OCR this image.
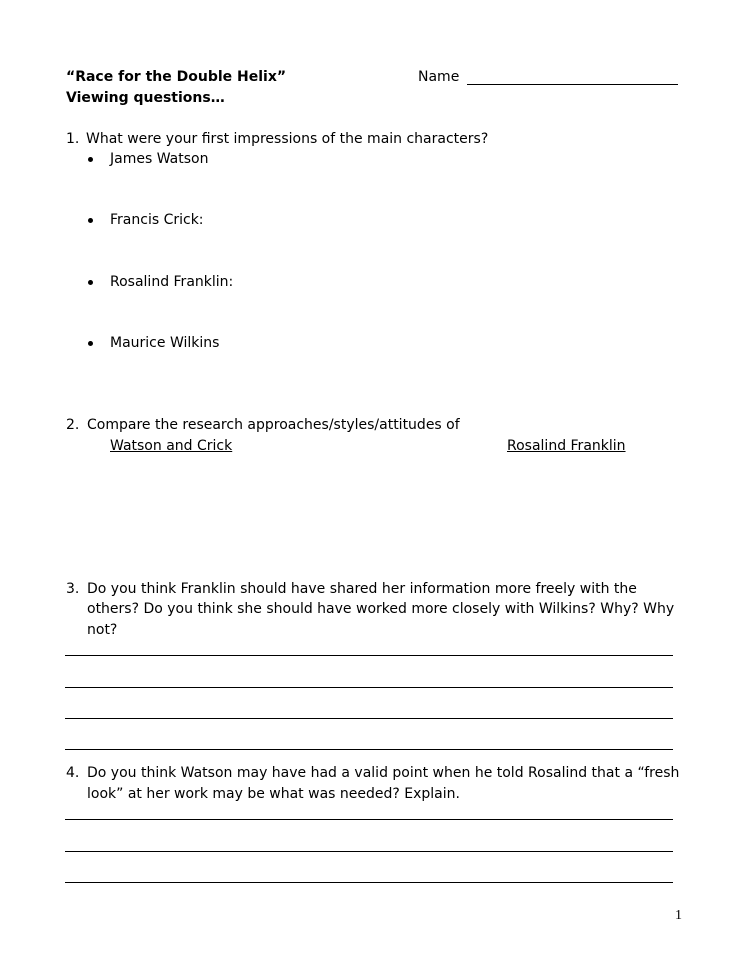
“Race for the Double Helix”
Viewing questions…
Name
1. What were your first impressions of the main characters?
James Watson
Francis Crick:
Rosalind Franklin:
Maurice Wilkins
2. Compare the research approaches/styles/attitudes of
Watson and Crick	Rosalind Franklin
3. Do you think Franklin should have shared her information more freely with the
others? Do you think she should have worked more closely with Wilkins? Why? Why
not?
4. Do you think Watson may have had a valid point when he told Rosalind that a “fresh
look” at her work may be what was needed? Explain.
1
